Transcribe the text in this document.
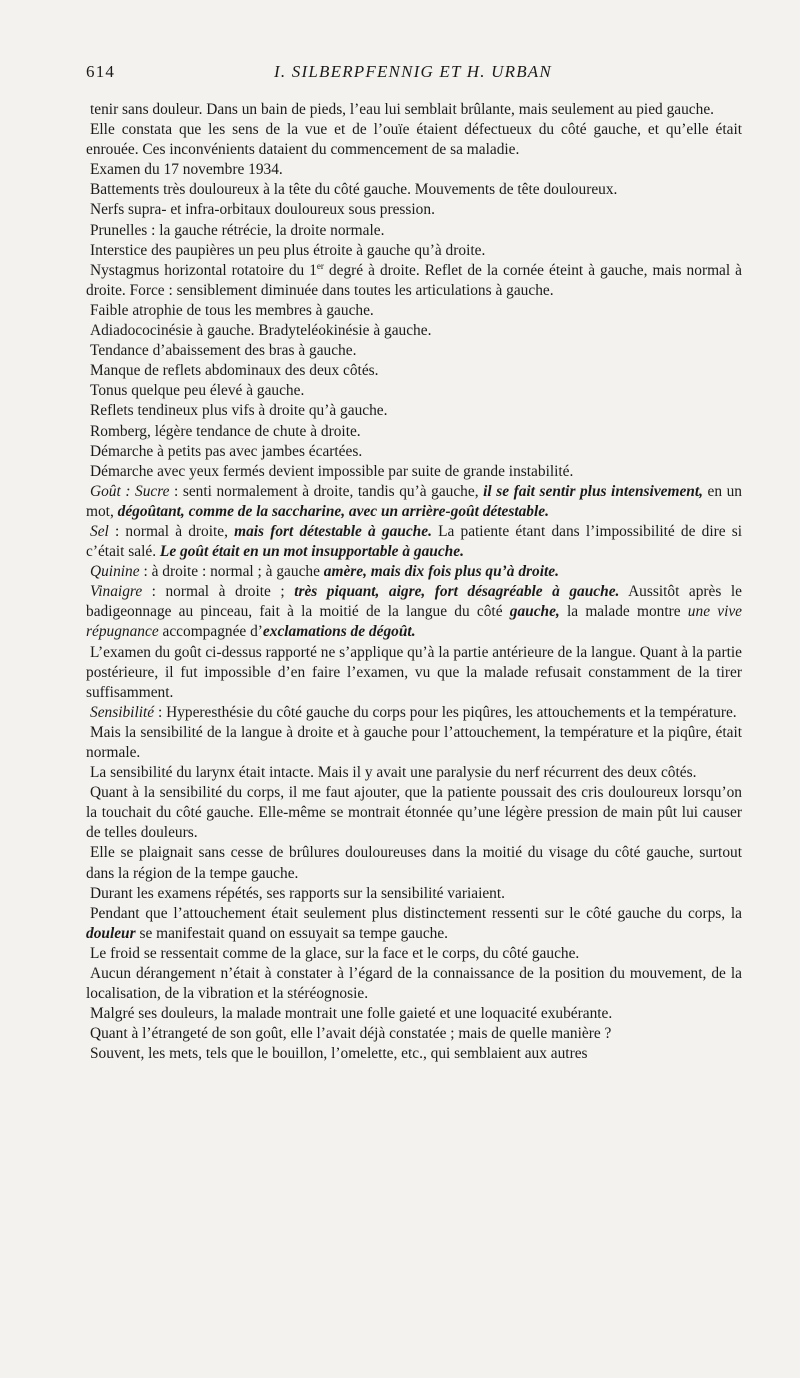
614	I. SILBERPFENNIG ET H. URBAN

tenir sans douleur. Dans un bain de pieds, l’eau lui semblait brûlante, mais seulement au pied gauche.

Elle constata que les sens de la vue et de l’ouïe étaient défectueux du côté gauche, et qu’elle était enrouée. Ces inconvénients dataient du commencement de sa maladie.

Examen du 17 novembre 1934.

Battements très douloureux à la tête du côté gauche. Mouvements de tête douloureux.

Nerfs supra- et infra-orbitaux douloureux sous pression.

Prunelles : la gauche rétrécie, la droite normale.

Interstice des paupières un peu plus étroite à gauche qu’à droite.

Nystagmus horizontal rotatoire du 1er degré à droite. Reflet de la cornée éteint à gauche, mais normal à droite. Force : sensiblement diminuée dans toutes les articulations à gauche.

Faible atrophie de tous les membres à gauche.

Adiadococinésie à gauche. Bradyteléokinésie à gauche.

Tendance d’abaissement des bras à gauche.

Manque de reflets abdominaux des deux côtés.

Tonus quelque peu élevé à gauche.

Reflets tendineux plus vifs à droite qu’à gauche.

Romberg, légère tendance de chute à droite.

Démarche à petits pas avec jambes écartées.

Démarche avec yeux fermés devient impossible par suite de grande instabilité.

Goût : Sucre : senti normalement à droite, tandis qu’à gauche, il se fait sentir plus intensivement, en un mot, dégoûtant, comme de la saccharine, avec un arrière-goût détestable.

Sel : normal à droite, mais fort détestable à gauche. La patiente étant dans l’impossibilité de dire si c’était salé. Le goût était en un mot insupportable à gauche.

Quinine : à droite : normal ; à gauche amère, mais dix fois plus qu’à droite.

Vinaigre : normal à droite ; très piquant, aigre, fort désagréable à gauche. Aussitôt après le badigeonnage au pinceau, fait à la moitié de la langue du côté gauche, la malade montre une vive répugnance accompagnée d’exclamations de dégoût.

L’examen du goût ci-dessus rapporté ne s’applique qu’à la partie antérieure de la langue. Quant à la partie postérieure, il fut impossible d’en faire l’examen, vu que la malade refusait constamment de la tirer suffisamment.

Sensibilité : Hyperesthésie du côté gauche du corps pour les piqûres, les attouchements et la température.

Mais la sensibilité de la langue à droite et à gauche pour l’attouchement, la température et la piqûre, était normale.

La sensibilité du larynx était intacte. Mais il y avait une paralysie du nerf récurrent des deux côtés.

Quant à la sensibilité du corps, il me faut ajouter, que la patiente poussait des cris douloureux lorsqu’on la touchait du côté gauche. Elle-même se montrait étonnée qu’une légère pression de main pût lui causer de telles douleurs.

Elle se plaignait sans cesse de brûlures douloureuses dans la moitié du visage du côté gauche, surtout dans la région de la tempe gauche.

Durant les examens répétés, ses rapports sur la sensibilité variaient.

Pendant que l’attouchement était seulement plus distinctement ressenti sur le côté gauche du corps, la douleur se manifestait quand on essuyait sa tempe gauche.

Le froid se ressentait comme de la glace, sur la face et le corps, du côté gauche.

Aucun dérangement n’était à constater à l’égard de la connaissance de la position du mouvement, de la localisation, de la vibration et la stéréognosie.

Malgré ses douleurs, la malade montrait une folle gaieté et une loquacité exubérante.

Quant à l’étrangeté de son goût, elle l’avait déjà constatée ; mais de quelle manière ?

Souvent, les mets, tels que le bouillon, l’omelette, etc., qui semblaient aux autres
